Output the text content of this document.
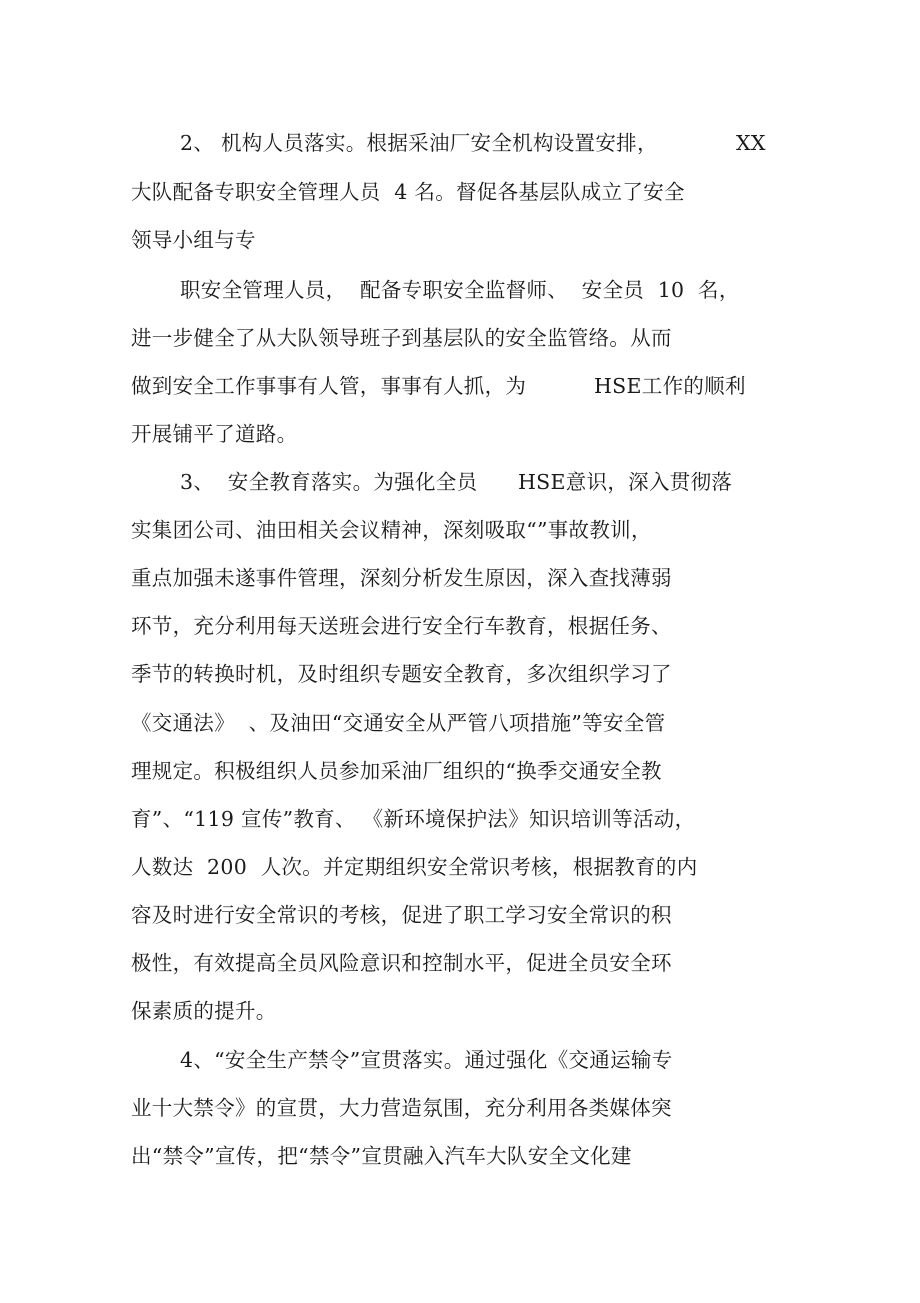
2、 机构人员落实。根据采油厂安全机构设置安排，	XX
大队配备专职安全管理人员  4 名。督促各基层队成立了安全
领导小组与专
职安全管理人员，  配备专职安全监督师、  安全员  10  名，
进一步健全了从大队领导班子到基层队的安全监管络。从而
做到安全工作事事有人管，事事有人抓，为	HSE工作的顺利
开展铺平了道路。
3、  安全教育落实。为强化全员 HSE意识，深入贯彻落
实集团公司、油田相关会议精神，深刻吸取“”事故教训，
重点加强未遂事件管理，深刻分析发生原因，深入查找薄弱
环节，充分利用每天送班会进行安全行车教育，根据任务、
季节的转换时机，及时组织专题安全教育，多次组织学习了
《交通法》  、及油田“交通安全从严管八项措施”等安全管
理规定。积极组织人员参加采油厂组织的“换季交通安全教
育”、“119 宣传”教育、 《新环境保护法》知识培训等活动，
人数达  200  人次。并定期组织安全常识考核，根据教育的内
容及时进行安全常识的考核，促进了职工学习安全常识的积
极性，有效提高全员风险意识和控制水平，促进全员安全环
保素质的提升。
4、“安全生产禁令”宣贯落实。通过强化《交通运输专
业十大禁令》的宣贯，大力营造氛围，充分利用各类媒体突
出“禁令”宣传，把“禁令”宣贯融入汽车大队安全文化建
